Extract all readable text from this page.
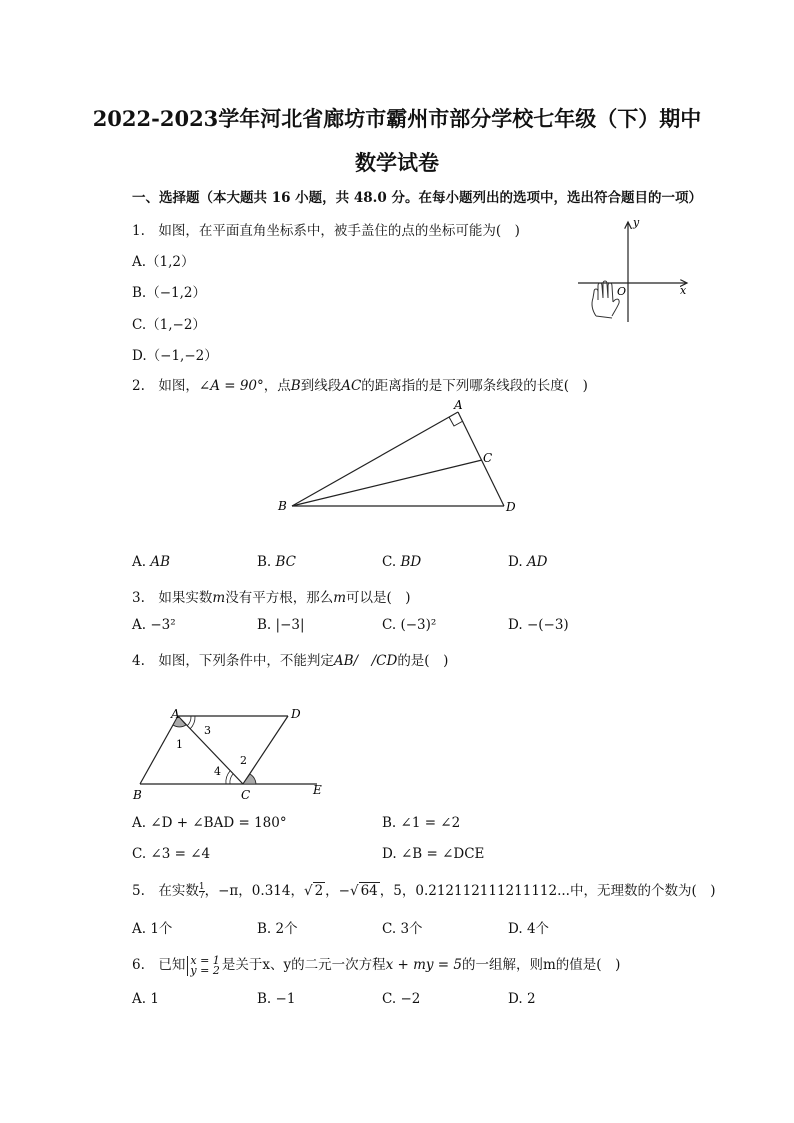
2022-2023学年河北省廊坊市霸州市部分学校七年级（下）期中
数学试卷
一、选择题（本大题共 16 小题，共 48.0 分。在每小题列出的选项中，选出符合题目的一项）
1.　如图，在平面直角坐标系中，被手盖住的点的坐标可能为(　)
A.（1,2）
B.（−1,2）
C.（1,−2）
D.（−1,−2）
x
y
O
2.　如图，∠A = 90°，点B到线段AC的距离指的是下列哪条线段的长度(　)
A
B
C
D
A. AB	B. BC	C. BD	D. AD
3.　如果实数m没有平方根，那么m可以是(　)
A. −3²	B. |−3|	C. (−3)²	D. −(−3)
4.　如图，下列条件中，不能判定AB/　/CD的是(　)
A	D
B	C	E
1
2
3
4
A. ∠D + ∠BAD = 180°	B. ∠1 = ∠2
C. ∠3 = ∠4	D. ∠B = ∠DCE
5.　在实数 $\frac{1}{7}$ ，−π，0.314，√ 2 ，−√ 64 ，5，0.212112111211112...中，无理数的个数为(　)
A. 1个	B. 2个	C. 3个	D. 4个
6.　已知 x = 1
y = 2 是关于x、y的二元一次方程x + my = 5的一组解，则m的值是(　)
A. 1	B. −1	C. −2	D. 2
